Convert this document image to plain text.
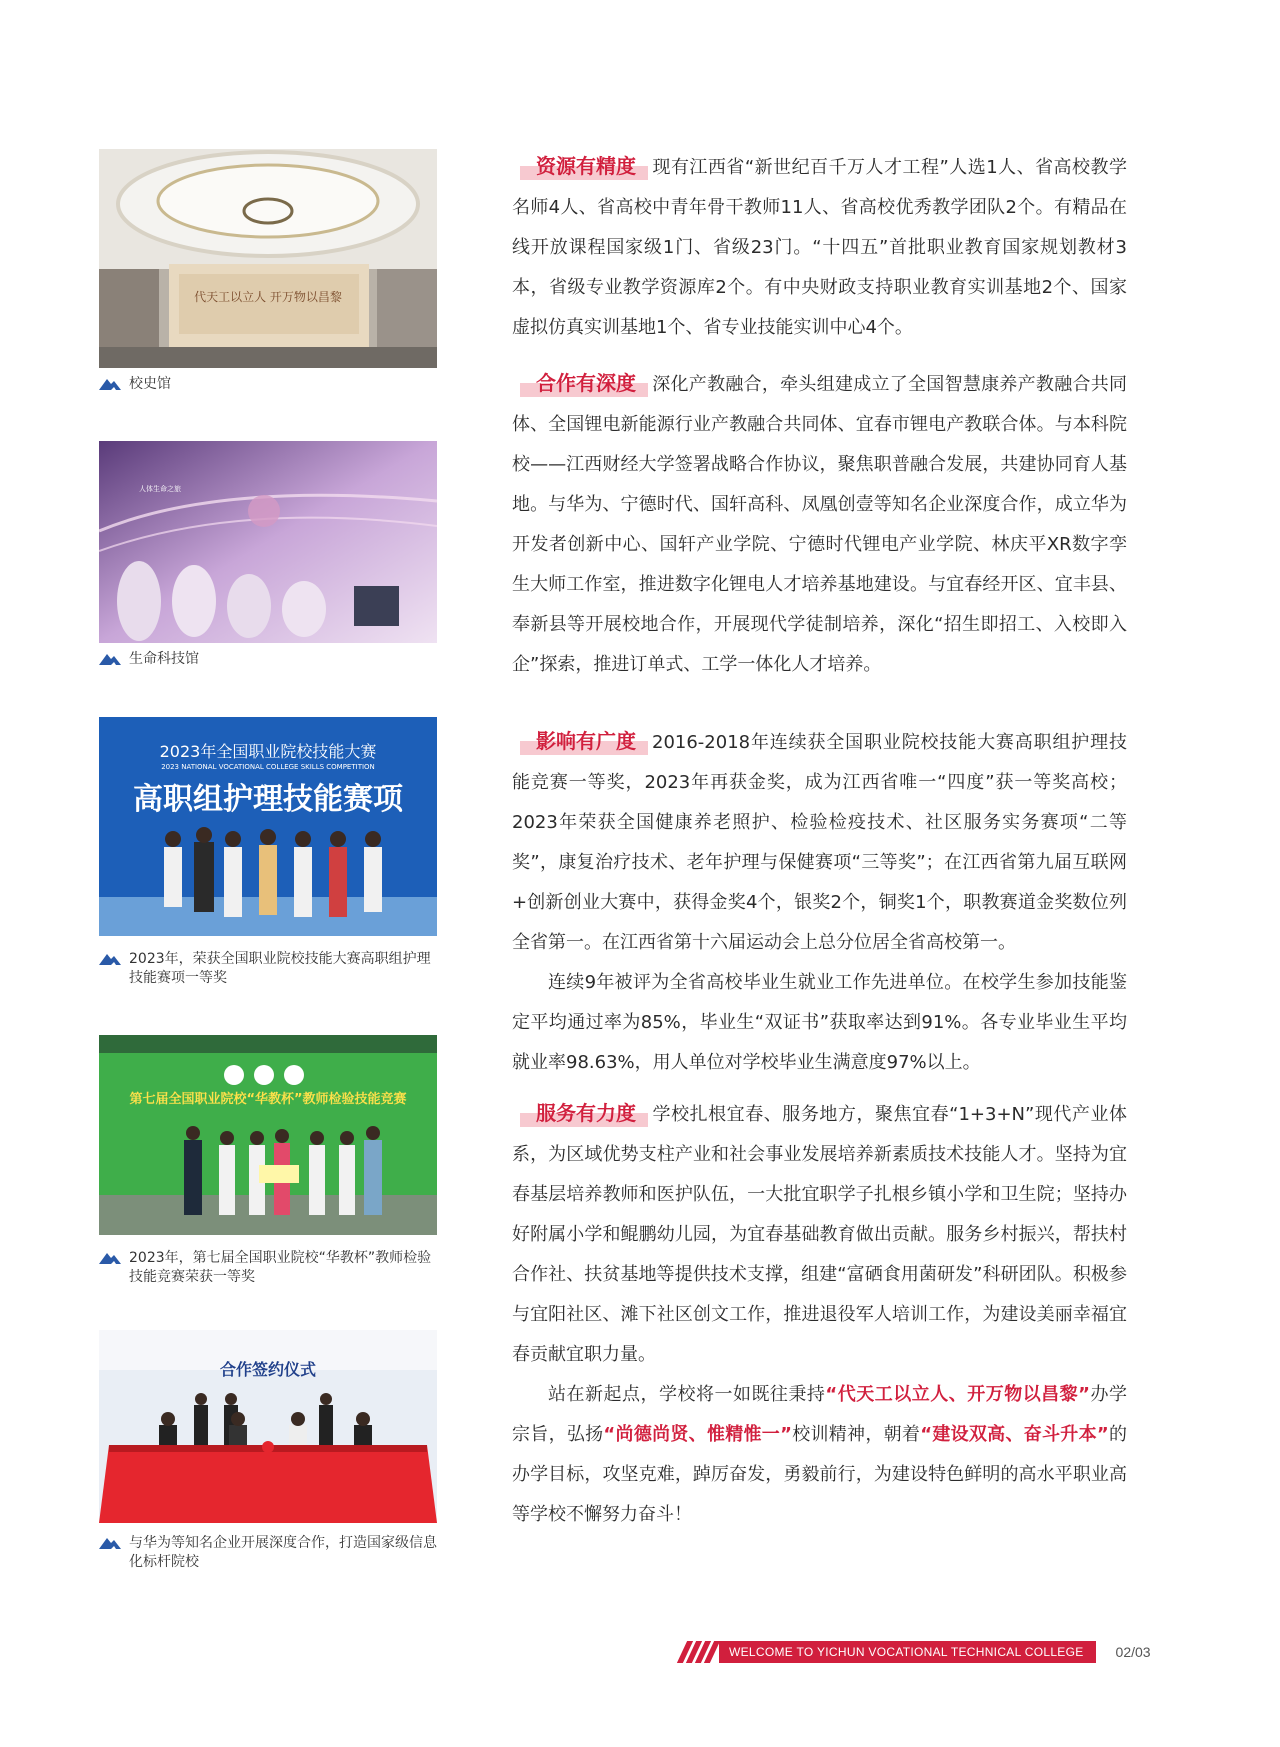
代天工以立人 开万物以昌黎
校史馆
人体生命之旅
生命科技馆
2023年全国职业院校技能大赛
2023 NATIONAL VOCATIONAL COLLEGE SKILLS COMPETITION
高职组护理技能赛项
2023年，荣获全国职业院校技能大赛高职组护理技能赛项一等奖
第七届全国职业院校“华教杯”教师检验技能竞赛
2023年，第七届全国职业院校“华教杯”教师检验技能竞赛荣获一等奖
合作签约仪式
与华为等知名企业开展深度合作，打造国家级信息化标杆院校

资源有精度 现有江西省“新世纪百千万人才工程”人选1人、省高校教学名师4人、省高校中青年骨干教师11人、省高校优秀教学团队2个。有精品在线开放课程国家级1门、省级23门。“十四五”首批职业教育国家规划教材3本，省级专业教学资源库2个。有中央财政支持职业教育实训基地2个、国家虚拟仿真实训基地1个、省专业技能实训中心4个。

合作有深度 深化产教融合，牵头组建成立了全国智慧康养产教融合共同体、全国锂电新能源行业产教融合共同体、宜春市锂电产教联合体。与本科院校——江西财经大学签署战略合作协议，聚焦职普融合发展，共建协同育人基地。与华为、宁德时代、国轩高科、凤凰创壹等知名企业深度合作，成立华为开发者创新中心、国轩产业学院、宁德时代锂电产业学院、林庆平XR数字孪生大师工作室，推进数字化锂电人才培养基地建设。与宜春经开区、宜丰县、奉新县等开展校地合作，开展现代学徒制培养，深化“招生即招工、入校即入企”探索，推进订单式、工学一体化人才培养。

影响有广度 2016-2018年连续获全国职业院校技能大赛高职组护理技能竞赛一等奖，2023年再获金奖，成为江西省唯一“四度”获一等奖高校；2023年荣获全国健康养老照护、检验检疫技术、社区服务实务赛项“二等奖”，康复治疗技术、老年护理与保健赛项“三等奖”；在江西省第九届互联网+创新创业大赛中，获得金奖4个，银奖2个，铜奖1个，职教赛道金奖数位列全省第一。在江西省第十六届运动会上总分位居全省高校第一。

连续9年被评为全省高校毕业生就业工作先进单位。在校学生参加技能鉴定平均通过率为85%，毕业生“双证书”获取率达到91%。各专业毕业生平均就业率98.63%，用人单位对学校毕业生满意度97%以上。

服务有力度 学校扎根宜春、服务地方，聚焦宜春“1+3+N”现代产业体系，为区域优势支柱产业和社会事业发展培养新素质技术技能人才。坚持为宜春基层培养教师和医护队伍，一大批宜职学子扎根乡镇小学和卫生院；坚持办好附属小学和鲲鹏幼儿园，为宜春基础教育做出贡献。服务乡村振兴，帮扶村合作社、扶贫基地等提供技术支撑，组建“富硒食用菌研发”科研团队。积极参与宜阳社区、滩下社区创文工作，推进退役军人培训工作，为建设美丽幸福宜春贡献宜职力量。

站在新起点，学校将一如既往秉持“代天工以立人、开万物以昌黎”办学宗旨，弘扬“尚德尚贤、惟精惟一”校训精神，朝着“建设双高、奋斗升本”的办学目标，攻坚克难，踔厉奋发，勇毅前行，为建设特色鲜明的高水平职业高等学校不懈努力奋斗！

WELCOME TO YICHUN VOCATIONAL TECHNICAL COLLEGE	02/03
